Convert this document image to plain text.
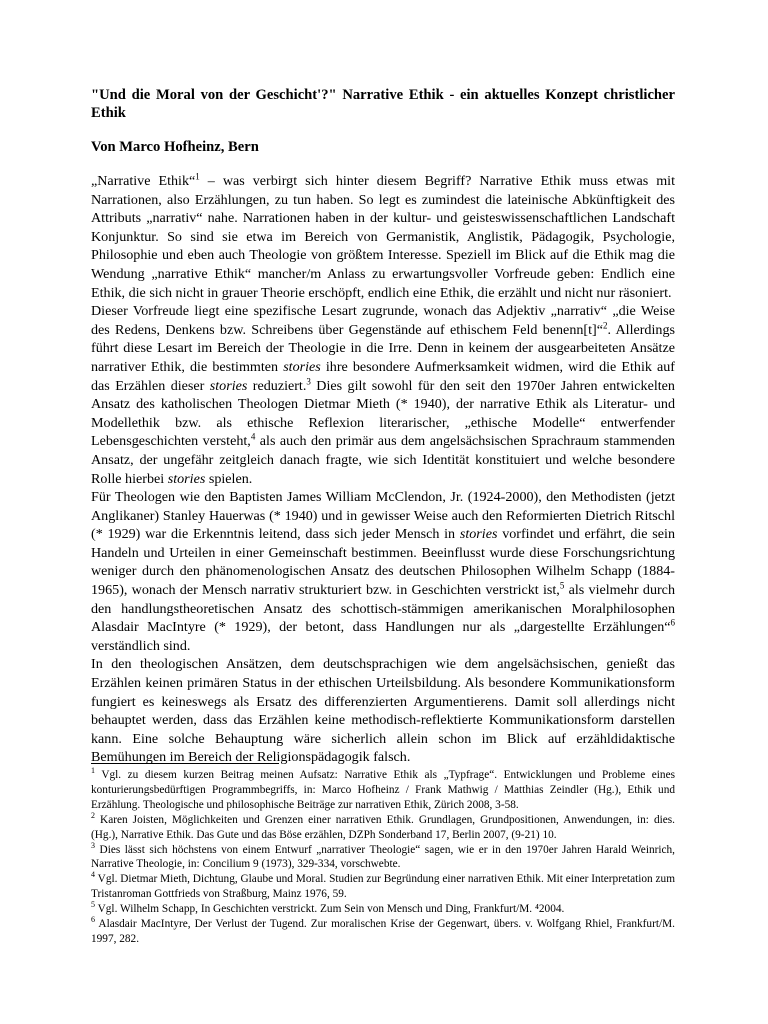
"Und die Moral von der Geschicht'?" Narrative Ethik - ein aktuelles Konzept christlicher Ethik
Von Marco Hofheinz, Bern

„Narrative Ethik“$^1$ – was verbirgt sich hinter diesem Begriff? Narrative Ethik muss etwas mit Narrationen, also Erzählungen, zu tun haben. So legt es zumindest die lateinische Abkünftigkeit des Attributs „narrativ“ nahe. Narrationen haben in der kultur- und geisteswissenschaftlichen Landschaft Konjunktur. So sind sie etwa im Bereich von Germanistik, Anglistik, Pädagogik, Psychologie, Philosophie und eben auch Theologie von größtem Interesse. Speziell im Blick auf die Ethik mag die Wendung „narrative Ethik“ mancher/m Anlass zu erwartungsvoller Vorfreude geben: Endlich eine Ethik, die sich nicht in grauer Theorie erschöpft, endlich eine Ethik, die erzählt und nicht nur räsoniert.

Dieser Vorfreude liegt eine spezifische Lesart zugrunde, wonach das Adjektiv „narrativ“ „die Weise des Redens, Denkens bzw. Schreibens über Gegenstände auf ethischem Feld benenn[t]“$^2$. Allerdings führt diese Lesart im Bereich der Theologie in die Irre. Denn in keinem der ausgearbeiteten Ansätze narrativer Ethik, die bestimmten stories ihre besondere Aufmerksamkeit widmen, wird die Ethik auf das Erzählen dieser stories reduziert.$^3$ Dies gilt sowohl für den seit den 1970er Jahren entwickelten Ansatz des katholischen Theologen Dietmar Mieth (* 1940), der narrative Ethik als Literatur- und Modellethik bzw. als ethische Reflexion literarischer, „ethische Modelle“ entwerfender Lebensgeschichten versteht,$^4$ als auch den primär aus dem angelsächsischen Sprachraum stammenden Ansatz, der ungefähr zeitgleich danach fragte, wie sich Identität konstituiert und welche besondere Rolle hierbei stories spielen.

Für Theologen wie den Baptisten James William McClendon, Jr. (1924-2000), den Methodisten (jetzt Anglikaner) Stanley Hauerwas (* 1940) und in gewisser Weise auch den Reformierten Dietrich Ritschl (* 1929) war die Erkenntnis leitend, dass sich jeder Mensch in stories vorfindet und erfährt, die sein Handeln und Urteilen in einer Gemeinschaft bestimmen. Beeinflusst wurde diese Forschungsrichtung weniger durch den phänomenologischen Ansatz des deutschen Philosophen Wilhelm Schapp (1884-1965), wonach der Mensch narrativ strukturiert bzw. in Geschichten verstrickt ist,$^5$ als vielmehr durch den handlungstheoretischen Ansatz des schottisch-stämmigen amerikanischen Moralphilosophen Alasdair MacIntyre (* 1929), der betont, dass Handlungen nur als „dargestellte Erzählungen“$^6$ verständlich sind.

In den theologischen Ansätzen, dem deutschsprachigen wie dem angelsächsischen, genießt das Erzählen keinen primären Status in der ethischen Urteilsbildung. Als besondere Kommunikationsform fungiert es keineswegs als Ersatz des differenzierten Argumentierens. Damit soll allerdings nicht behauptet werden, dass das Erzählen keine methodisch-reflektierte Kommunikationsform darstellen kann. Eine solche Behauptung wäre sicherlich allein schon im Blick auf erzähldidaktische Bemühungen im Bereich der Religionspädagogik falsch.

$^1$ Vgl. zu diesem kurzen Beitrag meinen Aufsatz: Narrative Ethik als „Typfrage“. Entwicklungen und Probleme eines konturierungsbedürftigen Programmbegriffs, in: Marco Hofheinz / Frank Mathwig / Matthias Zeindler (Hg.), Ethik und Erzählung. Theologische und philosophische Beiträge zur narrativen Ethik, Zürich 2008, 3-58.
$^2$ Karen Joisten, Möglichkeiten und Grenzen einer narrativen Ethik. Grundlagen, Grundpositionen, Anwendungen, in: dies. (Hg.), Narrative Ethik. Das Gute und das Böse erzählen, DZPh Sonderband 17, Berlin 2007, (9-21) 10.
$^3$ Dies lässt sich höchstens von einem Entwurf „narrativer Theologie“ sagen, wie er in den 1970er Jahren Harald Weinrich, Narrative Theologie, in: Concilium 9 (1973), 329-334, vorschwebte.
$^4$ Vgl. Dietmar Mieth, Dichtung, Glaube und Moral. Studien zur Begründung einer narrativen Ethik. Mit einer Interpretation zum Tristanroman Gottfrieds von Straßburg, Mainz 1976, 59.
$^5$ Vgl. Wilhelm Schapp, In Geschichten verstrickt. Zum Sein von Mensch und Ding, Frankfurt/M. ⁴2004.
$^6$ Alasdair MacIntyre, Der Verlust der Tugend. Zur moralischen Krise der Gegenwart, übers. v. Wolfgang Rhiel, Frankfurt/M. 1997, 282.
